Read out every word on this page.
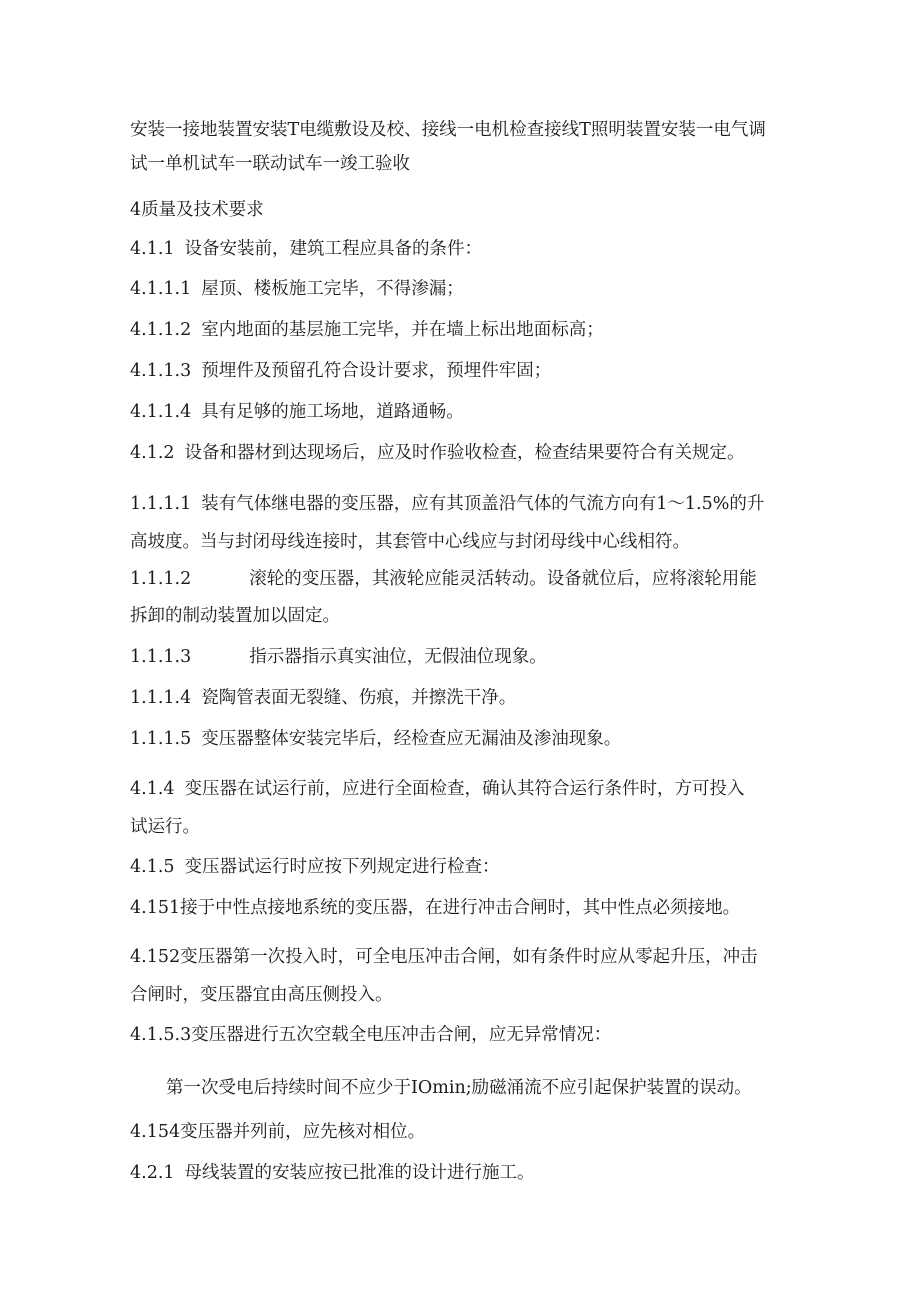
安装一接地装置安装T电缆敷设及校、接线一电机检查接线T照明装置安装一电气调
试一单机试车一联动试车一竣工验收
4质量及技术要求
4.1.1 设备安装前，建筑工程应具备的条件：
4.1.1.1 屋顶、楼板施工完毕，不得渗漏；
4.1.1.2 室内地面的基层施工完毕，并在墙上标出地面标高；
4.1.1.3 预埋件及预留孔符合设计要求，预埋件牢固；
4.1.1.4 具有足够的施工场地，道路通畅。
4.1.2 设备和器材到达现场后，应及时作验收检查，检查结果要符合有关规定。
1.1.1.1 装有气体继电器的变压器，应有其顶盖沿气体的气流方向有1～1.5%的升
高坡度。当与封闭母线连接时，其套管中心线应与封闭母线中心线相符。
1.1.1.2	滚轮的变压器，其液轮应能灵活转动。设备就位后，应将滚轮用能
拆卸的制动装置加以固定。
1.1.1.3	指示器指示真实油位，无假油位现象。
1.1.1.4 瓷陶管表面无裂缝、伤痕，并擦洗干净。
1.1.1.5 变压器整体安装完毕后，经检查应无漏油及渗油现象。
4.1.4 变压器在试运行前，应进行全面检查，确认其符合运行条件时，方可投入
试运行。
4.1.5 变压器试运行时应按下列规定进行检查：
4.151接于中性点接地系统的变压器，在进行冲击合闸时，其中性点必须接地。
4.152变压器第一次投入时，可全电压冲击合闸，如有条件时应从零起升压，冲击
合闸时，变压器宜由高压侧投入。
4.1.5.3变压器进行五次空载全电压冲击合闸，应无异常情况：
第一次受电后持续时间不应少于IOmin;励磁涌流不应引起保护装置的误动。
4.154变压器并列前，应先核对相位。
4.2.1 母线装置的安装应按已批准的设计进行施工。
